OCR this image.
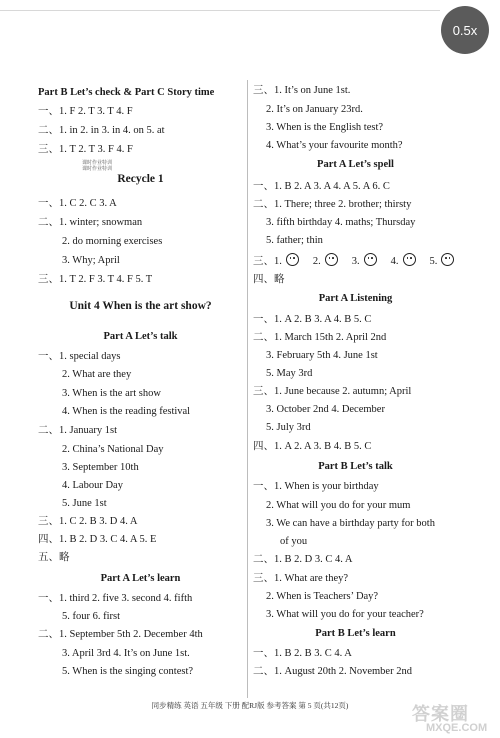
0.5x
Part B Let’s check & Part C Story time
一、1. F 2. T 3. T 4. F
二、1. in 2. in 3. in 4. on 5. at
三、1. T 2. T 3. F 4. F
Recycle 1
一、1. C 2. C 3. A
二、1. winter; snowman
2. do morning exercises
3. Why; April
三、1. T 2. F 3. T 4. F 5. T
Unit 4 When is the art show?
Part A Let’s talk
一、1. special days
2. What are they
3. When is the art show
4. When is the reading festival
二、1. January 1st
2. China’s National Day
3. September 10th
4. Labour Day
5. June 1st
三、1. C 2. B 3. D 4. A
四、1. B 2. D 3. C 4. A 5. E
五、略
Part A Let’s learn
一、1. third 2. five 3. second 4. fifth
5. four 6. first
二、1. September 5th 2. December 4th
3. April 3rd 4. It’s on June 1st.
5. When is the singing contest?
三、1.	2.	3.	4.	5.
三、1. It’s on June 1st.
2. It’s on January 23rd.
3. When is the English test?
4. What’s your favourite month?
Part A Let’s spell
一、1. B 2. A 3. A 4. A 5. A 6. C
二、1. There; three 2. brother; thirsty
3. fifth birthday 4. maths; Thursday
5. father; thin
四、略
Part A Listening
一、1. A 2. B 3. A 4. B 5. C
二、1. March 15th 2. April 2nd
3. February 5th 4. June 1st
5. May 3rd
三、1. June because 2. autumn; April
3. October 2nd 4. December
5. July 3rd
四、1. A 2. A 3. B 4. B 5. C
Part B Let’s talk
一、1. When is your birthday
2. What will you do for your mum
3. We can have a birthday party for both
of you
二、1. B 2. D 3. C 4. A
三、1. What are they?
2. When is Teachers’ Day?
3. What will you do for your teacher?
Part B Let’s learn
一、1. B 2. B 3. C 4. A
二、1. August 20th 2. November 2nd
课时作业特训
课时作业特训
同步精练 英语 五年级 下册 配RJ版 参考答案 第 5 页(共12页)	答案圈
MXQE.COM
